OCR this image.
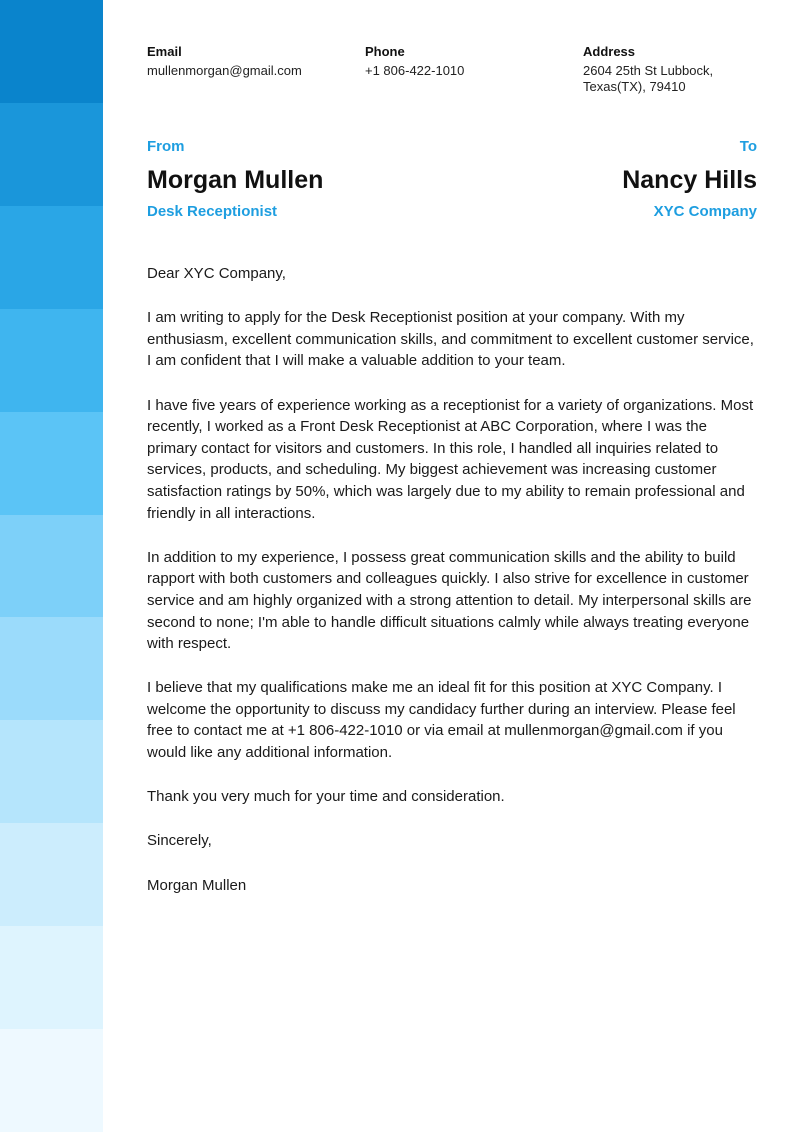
Email
mullenmorgan@gmail.com
Phone
+1 806-422-1010
Address
2604 25th St Lubbock,
Texas(TX), 79410
From
Morgan Mullen
Desk Receptionist
To
Nancy Hills
XYC Company

Dear XYC Company,

I am writing to apply for the Desk Receptionist position at your company. With my enthusiasm, excellent communication skills, and commitment to excellent customer service, I am confident that I will make a valuable addition to your team.

I have five years of experience working as a receptionist for a variety of organizations. Most recently, I worked as a Front Desk Receptionist at ABC Corporation, where I was the primary contact for visitors and customers. In this role, I handled all inquiries related to services, products, and scheduling. My biggest achievement was increasing customer satisfaction ratings by 50%, which was largely due to my ability to remain professional and friendly in all interactions.

In addition to my experience, I possess great communication skills and the ability to build rapport with both customers and colleagues quickly. I also strive for excellence in customer service and am highly organized with a strong attention to detail. My interpersonal skills are second to none; I'm able to handle difficult situations calmly while always treating everyone with respect.

I believe that my qualifications make me an ideal fit for this position at XYC Company. I welcome the opportunity to discuss my candidacy further during an interview. Please feel free to contact me at +1 806-422-1010 or via email at mullenmorgan@gmail.com if you would like any additional information.

Thank you very much for your time and consideration.

Sincerely,

Morgan Mullen
